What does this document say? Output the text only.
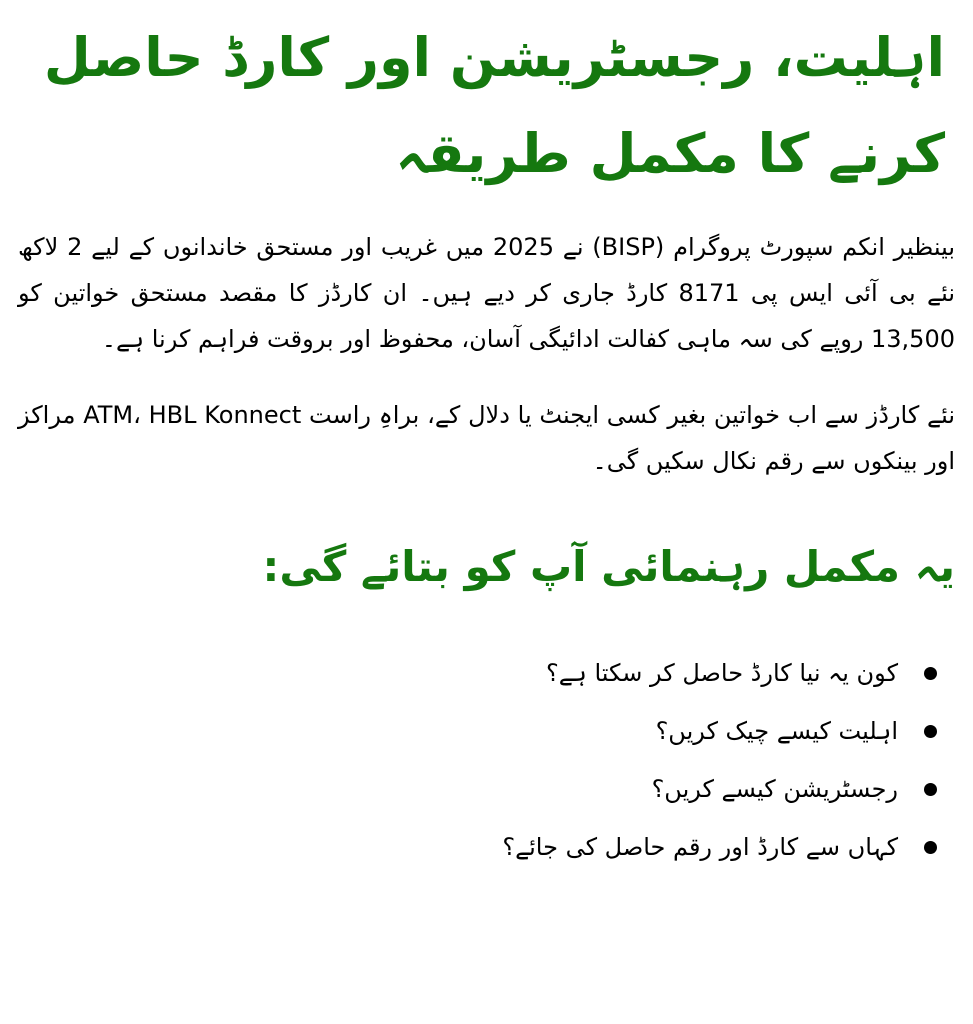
اہلیت، رجسٹریشن اور کارڈ حاصل کرنے کا مکمل طریقہ

بینظیر انکم سپورٹ پروگرام (BISP) نے 2025 میں غریب اور مستحق خاندانوں کے لیے 2 لاکھ نئے بی آئی ایس پی 8171 کارڈ جاری کر دیے ہیں۔ ان کارڈز کا مقصد مستحق خواتین کو 13,500 روپے کی سہ ماہی کفالت ادائیگی آسان، محفوظ اور بروقت فراہم کرنا ہے۔

نئے کارڈز سے اب خواتین بغیر کسی ایجنٹ یا دلال کے، براہِ راست ATM، HBL Konnect مراکز اور بینکوں سے رقم نکال سکیں گی۔

یہ مکمل رہنمائی آپ کو بتائے گی:
کون یہ نیا کارڈ حاصل کر سکتا ہے؟
اہلیت کیسے چیک کریں؟
رجسٹریشن کیسے کریں؟
کہاں سے کارڈ اور رقم حاصل کی جائے؟
